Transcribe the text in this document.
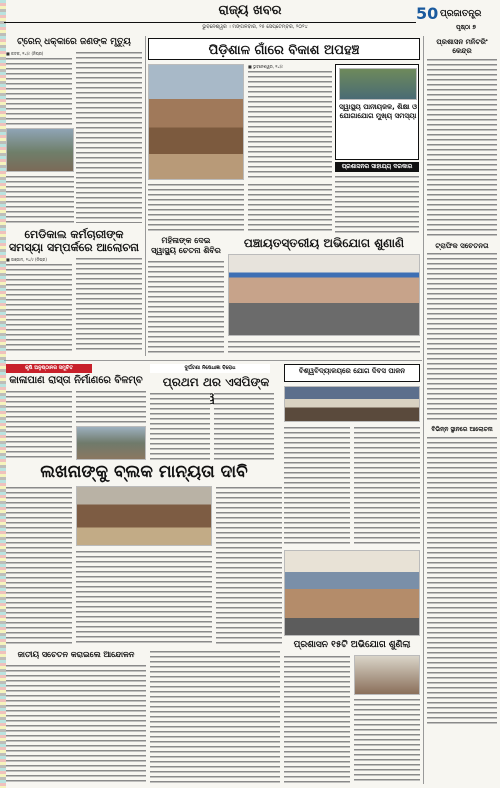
ରାଜ୍ୟ ଖବର
ଭୁବନେଶ୍ୱର । ମଙ୍ଗଳବାର, ୨୫ ସେପ୍ଟେମ୍ବର, ୨୦୨୪
50 ପ୍ରଜାତନ୍ତ୍ର
ପୃଷ୍ଠା ୭
ଟ୍ରେନ୍ ଧକ୍କାରେ ଜଣଙ୍କ ମୃତ୍ୟୁ
■ କଟକ, ୨୪/୯ (ନିପ୍ର)
ମେଡିକାଲ କର୍ମଚାରୀଙ୍କ ସମସ୍ୟା ସମ୍ପର୍କରେ ଆଲୋଚନା
■ ଗଞ୍ଜାମ, ୨୪/୯ (ନିପ୍ର)
ପିଡ଼ିଶାଳ ଗାଁରେ ବିକାଶ ଅପହଞ୍ଚ
■ ଭୁବନେଶ୍ୱର, ୨୪/୯
ସ୍ୱାସ୍ଥ୍ୟ ପାନୀୟଜଳ, ଶିକ୍ଷା ଓ ଯୋଗାଯୋଗ ମୁଖ୍ୟ ସମସ୍ୟା
ପ୍ରଶାସନର ସାହାଯ୍ୟ ଦରକାର
ମହିଳାଙ୍କ ଦେଇ ସ୍ୱାସ୍ଥ୍ୟ ଚେତନା ଶିବିର
ପଞ୍ଚାୟତସ୍ତରୀୟ ଅଭିଯୋଗ ଶୁଣାଣି
ପ୍ରଶାସନ ମନିଟରିଂ କେନ୍ଦ୍ର
ଟ୍ରାଫିକ ସଚେତନତା
ବିଭିନ୍ନ ସ୍ଥାନରେ ଆଲୋଚନା
କୃଷି ଅନୁଷ୍ଠାନର ସମୁଚିତ
କାଳାପାଣ ରାସ୍ତା ନିର୍ମାଣରେ ବିଳମ୍ବ
ଦୁର୍ଘଟଣା ନିଷେଧାଜ୍ଞା ବିରୋଧ
ପ୍ରଥମ ଥର ଏସପିଙ୍କ
ବିଶ୍ୱବିଦ୍ୟାଳୟରେ ଯୋଗ ଦିବସ ପାଳନ
ଲଖନାଙ୍କୁ ବ୍ଲକ ମାନ୍ୟତା ଦାବି
ଜାତୀୟ ସଚେତନ କରାଇଲେ ଆନ୍ଦୋଳନ
ପ୍ରଶାସନ ୧୫ଟି ଅଭିଯୋଗ ଶୁଣିଲା
